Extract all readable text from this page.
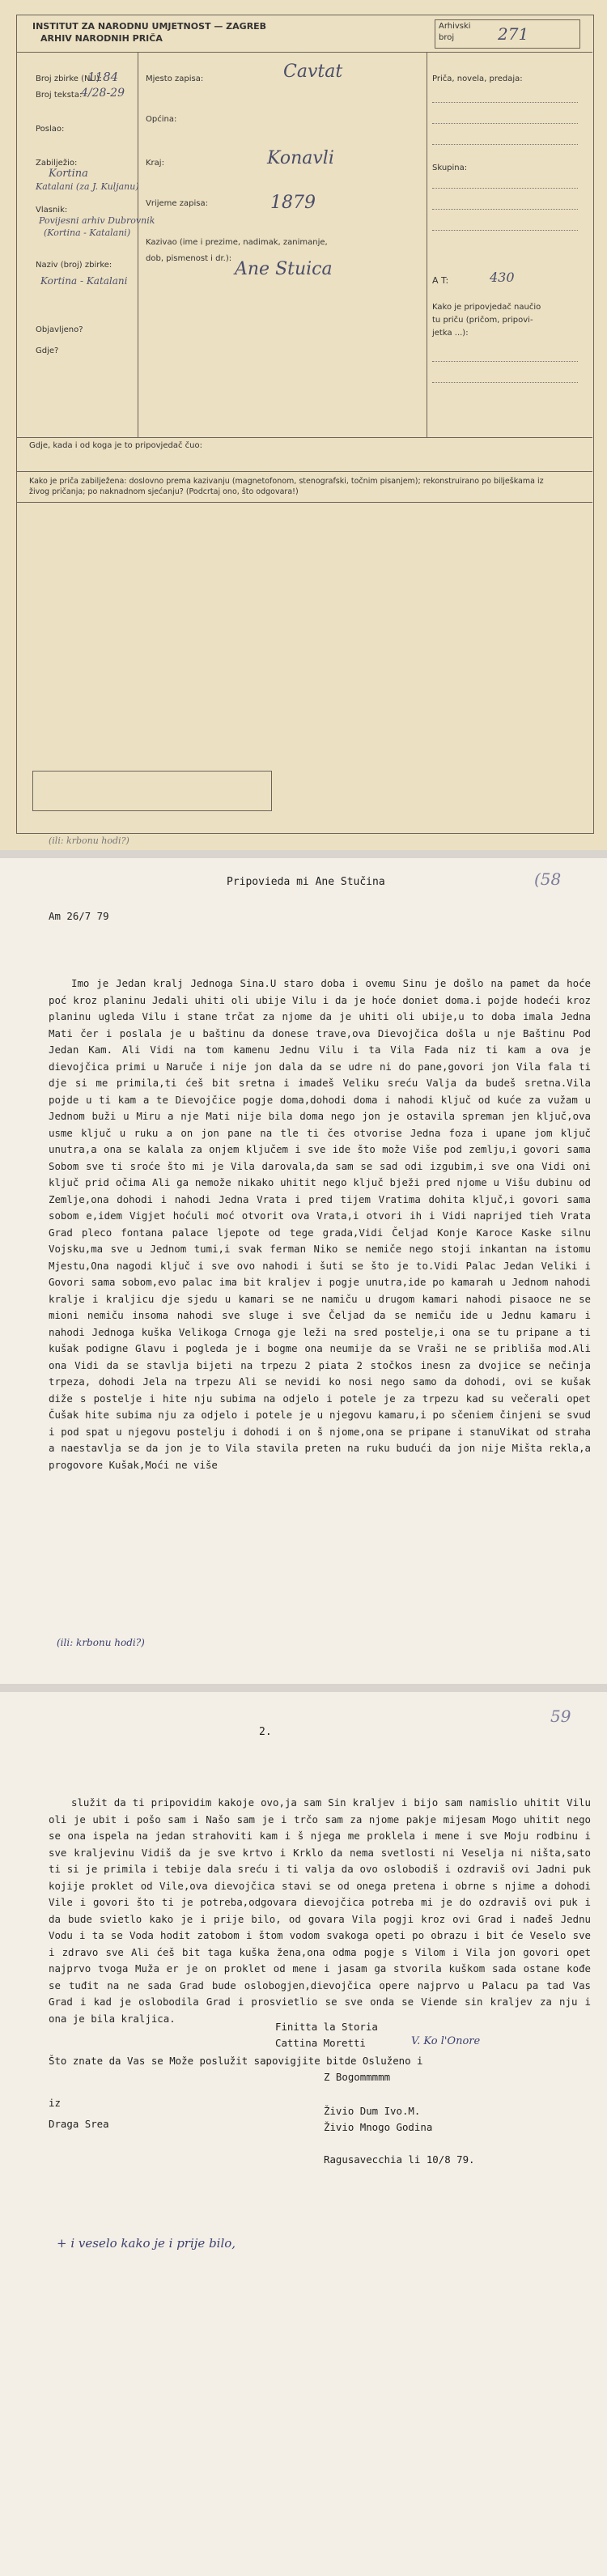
INSTITUT ZA NARODNU UMJETNOST — ZAGREB
ARHIV NARODNIH PRIČA
Arhivski
broj	271
Broj zbirke (NU):
1184
Broj teksta:
4/28-29
Poslao:
Zabilježio:
Kortina
Katalani (za J. Kuljanu)
Vlasnik:
Povijesni arhiv Dubrovnik
(Kortina - Katalani)
Naziv (broj) zbirke:
Kortina - Katalani
Objavljeno?
Gdje?
Mjesto zapisa:	Cavtat
Općina:
Kraj:	Konavli
Vrijeme zapisa:	1879
Kazivao (ime i prezime, nadimak, zanimanje,
dob, pismenost i dr.):
Ane Stuica
Priča, novela, predaja:
Skupina:
A T:	430
Kako je pripovjedač naučio
tu priču (pričom, pripovi-
jetka ...):
Gdje, kada i od koga je to pripovjedač čuo:
Kako je priča zabilježena: doslovno prema kazivanju (magnetofonom, stenografski, točnim pisanjem); rekonstruirano po bilješkama iz živog pričanja; po naknadnom sjećanju? (Podcrtaj ono, što odgovara!)
(ili: krbonu hodi?)
(58
Pripovieda mi Ane Stučina
Am 26/7 79

Imo je Jedan kralj Jednoga Sina.U staro doba i ovemu Sinu je došlo na pamet da hoće poć kroz planinu Jedali uhiti oli ubije Vilu i da je hoće doniet doma.i pojde hodeći kroz planinu ugleda Vilu i stane trčat za njome da je uhiti oli ubije,u to doba imala Jedna Mati čer i poslala je u baštinu da donese trave,ova Dievojčica došla u nje Baštinu Pod Jedan Kam. Ali Vidi na tom kamenu Jednu Vilu i ta Vila Fada niz ti kam a ova je dievojčica primi u Naruče i nije jon dala da se udre ni do pane,govori jon Vila fala ti dje si me primila,ti ćeš bit sretna i imadeš Veliku sreću Valja da budeš sretna.Vila pojde u ti kam a te Dievojčice pogje doma,dohodi doma i nahodi ključ od kuće za vužam u Jednom buži u Miru a nje Mati nije bila doma nego jon je ostavila spreman jen ključ,ova usme ključ u ruku a on jon pane na tle ti čes otvorise Jedna foza i upane jom ključ unutra,a ona se kalala za onjem ključem i sve ide što može Više pod zemlju,i govori sama Sobom sve ti sroće što mi je Vila darovala,da sam se sad odi izgubim,i sve ona Vidi oni ključ prid očima Ali ga nemože nikako uhitit nego ključ bježi pred njome u Višu dubinu od Zemlje,ona dohodi i nahodi Jedna Vrata i pred tijem Vratima dohita ključ,i govori sama sobom e,idem Vigjet hoćuli moć otvorit ova Vrata,i otvori ih i Vidi naprijed tieh Vrata Grad pleco fontana palace ljepote od tege grada,Vidi Čeljad Konje Karoce Kaske silnu Vojsku,ma sve u Jednom tumi,i svak ferman Niko se nemiče nego stoji inkantan na istomu Mjestu,Ona nagodi ključ i sve ovo nahodi i šuti se što je to.Vidi Palac Jedan Veliki i Govori sama sobom,evo palac ima bit kraljev i pogje unutra,ide po kamarah u Jednom nahodi kralje i kraljicu dje sjedu u kamari se ne namiču u drugom kamari nahodi pisaoce ne se mioni nemiču insoma nahodi sve sluge i sve Čeljad da se nemiču ide u Jednu kamaru i nahodi Jednoga kuška Velikoga Crnoga gje leži na sred postelje,i ona se tu pripane a ti kušak podigne Glavu i pogleda je i bogme ona neumije da se Vraši ne se pribliša mod.Ali ona Vidi da se stavlja bijeti na trpezu 2 piata 2 stočkos inesn za dvojice se nečinja trpeza, dohodi Jela na trpezu Ali se nevidi ko nosi nego samo da dohodi, ovi se kušak diže s postelje i hite nju subima na odjelo i potele je za trpezu kad su večerali opet Čušak hite subima nju za odjelo i potele je u njegovu kamaru,i po sčeniem činjeni se svud i pod spat u njegovu postelju i dohodi i on š njome,ona se pripane i stanuVikat od straha a naestavlja se da jon je to Vila stavila preten na ruku budući da jon nije Mišta rekla,a progovore Kušak,Moći ne više

(ili: krbonu hodi?)
59
2.

služit da ti pripovidim kakoje ovo,ja sam Sin kraljev i bijo sam namislio uhitit Vilu oli je ubit i pošo sam i Našo sam je i trčo sam za njome pakje mijesam Mogo uhitit nego se ona ispela na jedan strahoviti kam i š njega me proklela i mene i sve Moju rodbinu i sve kraljevinu Vidiš da je sve krtvo i Krklo da nema svetlosti ni Veselja ni ništa,sato ti si je primila i tebije dala sreću i ti valja da ovo oslobodiš i ozdraviš ovi Jadni puk kojije proklet od Vile,ova dievojčica stavi se od onega pretena i obrne s njime a dohodi Vile i govori što ti je potreba,odgovara dievojčica potreba mi je do ozdraviš ovi puk i da bude svietlo kako je i prije bilo, od govara Vila pogji kroz ovi Grad i nađeš Jednu Vodu i ta se Voda hodit zatobom i štom vodom svakoga opeti po obrazu i bit će Veselo sve i zdravo sve Ali ćeš bit taga kuška žena,ona odma pogje s Vilom i Vila jon govori opet najprvo tvoga Muža er je on proklet od mene i jasam ga stvorila kuškom sada ostane kođe se tuđit na ne sada Grad bude oslobogjen,dievojčica opere najprvo u Palacu pa tad Vas Grad i kad je oslobodila Grad i prosvietlio se sve onda se Viende sin kraljev za nju i ona je bila kraljica.

Finitta la Storia
Cattina Moretti	V. Ko l'Onore
Što znate da Vas se Može poslužit sapovigjite bitde Osluženo i
Z Bogommmmm
iz
Živio Dum Ivo.M.
Draga Srea	Živio Mnogo Godina
Ragusavecchia li 10/8 79.
+ i veselo kako je i prije bilo,
